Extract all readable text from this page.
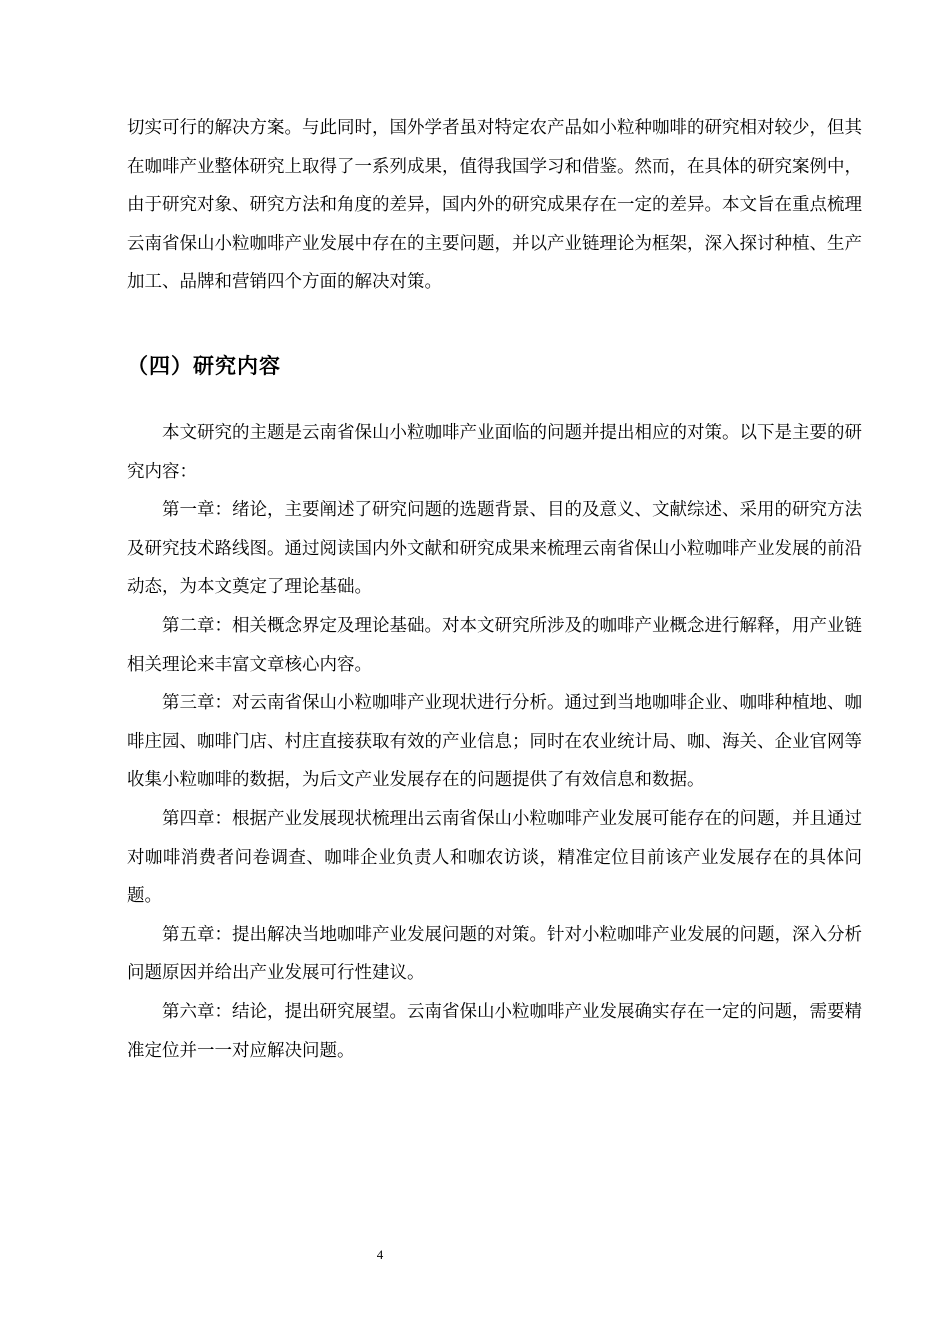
切实可行的解决方案。与此同时，国外学者虽对特定农产品如小粒种咖啡的研究相对较少，但其在咖啡产业整体研究上取得了一系列成果，值得我国学习和借鉴。然而，在具体的研究案例中，由于研究对象、研究方法和角度的差异，国内外的研究成果存在一定的差异。本文旨在重点梳理云南省保山小粒咖啡产业发展中存在的主要问题，并以产业链理论为框架，深入探讨种植、生产加工、品牌和营销四个方面的解决对策。

（四）研究内容

本文研究的主题是云南省保山小粒咖啡产业面临的问题并提出相应的对策。以下是主要的研究内容：

第一章：绪论，主要阐述了研究问题的选题背景、目的及意义、文献综述、采用的研究方法及研究技术路线图。通过阅读国内外文献和研究成果来梳理云南省保山小粒咖啡产业发展的前沿动态，为本文奠定了理论基础。

第二章：相关概念界定及理论基础。对本文研究所涉及的咖啡产业概念进行解释，用产业链相关理论来丰富文章核心内容。

第三章：对云南省保山小粒咖啡产业现状进行分析。通过到当地咖啡企业、咖啡种植地、咖啡庄园、咖啡门店、村庄直接获取有效的产业信息；同时在农业统计局、咖、海关、企业官网等收集小粒咖啡的数据，为后文产业发展存在的问题提供了有效信息和数据。

第四章：根据产业发展现状梳理出云南省保山小粒咖啡产业发展可能存在的问题，并且通过对咖啡消费者问卷调查、咖啡企业负责人和咖农访谈，精准定位目前该产业发展存在的具体问题。

第五章：提出解决当地咖啡产业发展问题的对策。针对小粒咖啡产业发展的问题，深入分析问题原因并给出产业发展可行性建议。

第六章：结论，提出研究展望。云南省保山小粒咖啡产业发展确实存在一定的问题，需要精准定位并一一对应解决问题。

4
